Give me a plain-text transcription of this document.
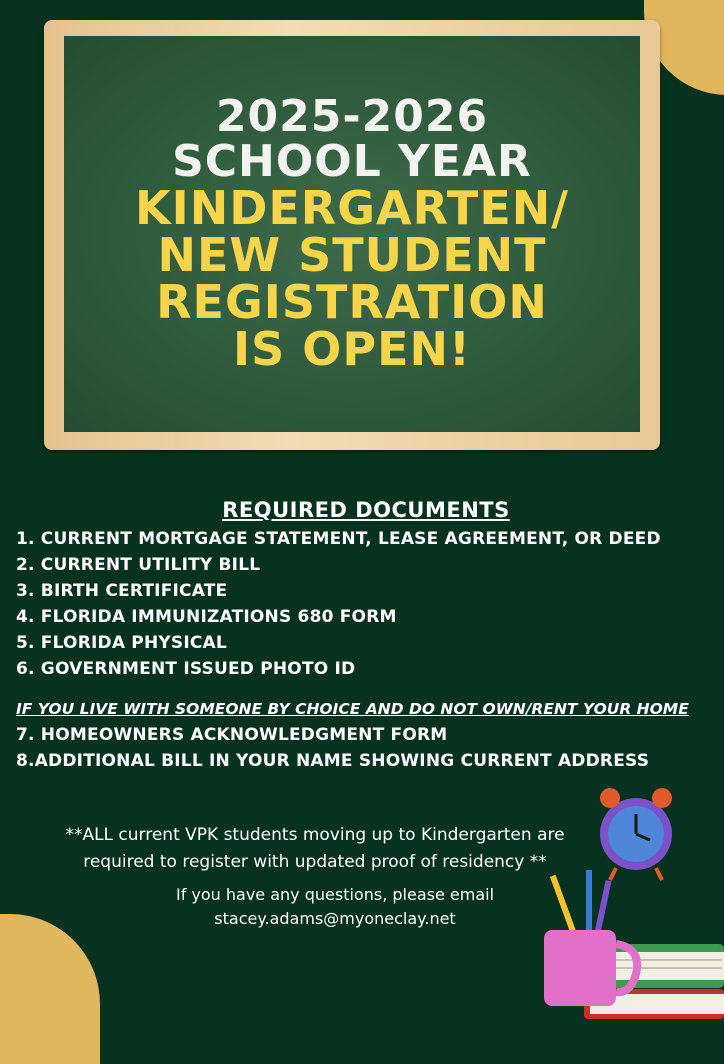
2025-2026

SCHOOL YEAR

KINDERGARTEN/

NEW STUDENT

REGISTRATION

IS OPEN!

REQUIRED DOCUMENTS

1. CURRENT MORTGAGE STATEMENT, LEASE AGREEMENT, OR DEED

2. CURRENT UTILITY BILL

3. BIRTH CERTIFICATE

4. FLORIDA IMMUNIZATIONS 680 FORM

5. FLORIDA PHYSICAL

6. GOVERNMENT ISSUED PHOTO ID

IF YOU LIVE WITH SOMEONE BY CHOICE AND DO NOT OWN/RENT YOUR HOME

7. HOMEOWNERS ACKNOWLEDGMENT FORM

8.ADDITIONAL BILL IN YOUR NAME SHOWING CURRENT ADDRESS

**ALL current VPK students moving up to Kindergarten are
required to register with updated proof of residency **
If you have any questions, please email
stacey.adams@myoneclay.net
